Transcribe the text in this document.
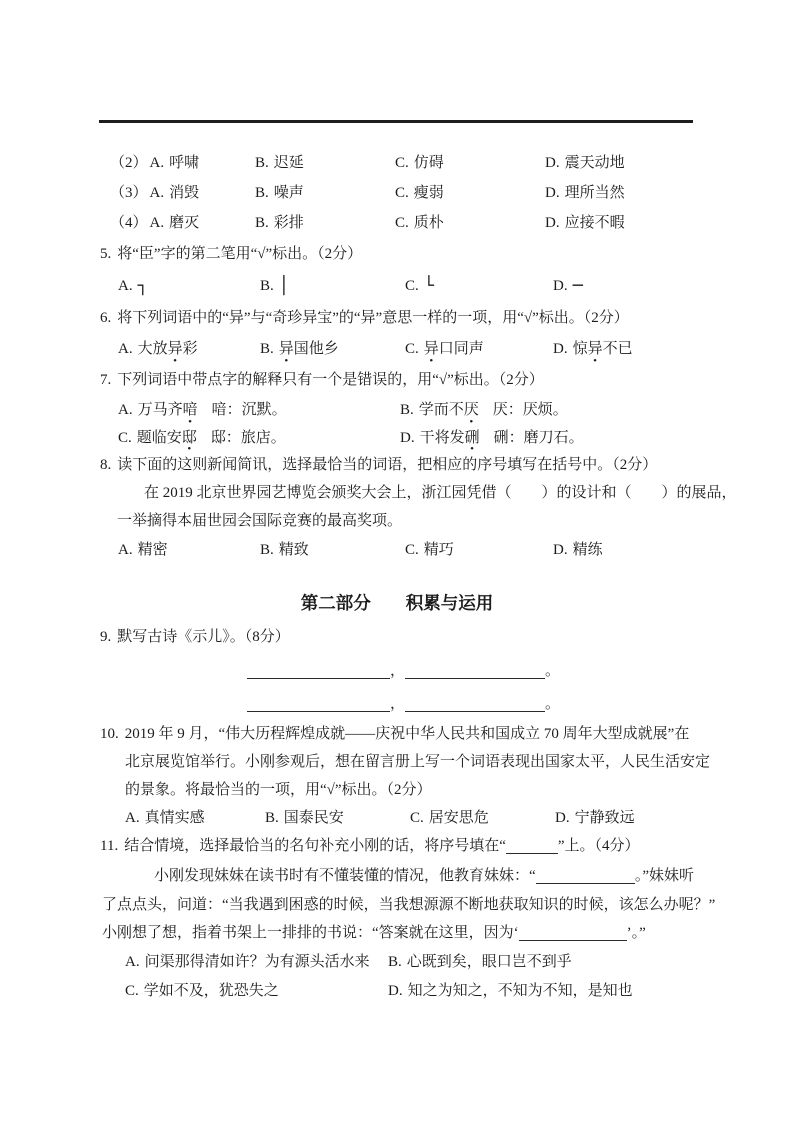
（2） A. 呼啸	B. 迟延	C. 仿碍	D. 震天动地
（3） A. 消毁	B. 噪声	C. 瘦弱	D. 理所当然
（4） A. 磨灭	B. 彩排	C. 质朴	D. 应接不暇
5. 将“臣”字的第二笔用“√”标出。（2分）
A. ┐	B. │	C. └	D. ─
6. 将下列词语中的“异”与“奇珍异宝”的“异”意思一样的一项，用“√”标出。（2分）
A. 大放 异 • 彩	B. 异 • 国他乡	C. 异 • 口同声	D. 惊 异 • 不已
7. 下列词语中带点字的解释只有一个是错误的，用“√”标出。（2分）
A. 万马齐 喑 • 喑：沉默。	B. 学而不 厌 • 厌：厌烦。
C. 题临安 邸 • 邸：旅店。	D. 干将发 硎 • 硎：磨刀石。
8. 读下面的这则新闻简讯，选择最恰当的词语，把相应的序号填写在括号中。（2分）
在 2019 北京世界园艺博览会颁奖大会上，浙江园凭借（　　）的设计和（　　）的展品，
一举摘得本届世园会国际竞赛的最高奖项。
A. 精密	B. 精致	C. 精巧	D. 精练
第二部分　　积累与运用
9. 默写古诗《示儿》。（8分）
，	。
，	。
10. 2019 年 9 月，“伟大历程辉煌成就——庆祝中华人民共和国成立 70 周年大型成就展”在
北京展览馆举行。小刚参观后，想在留言册上写一个词语表现出国家太平，人民生活安定
的景象。将最恰当的一项，用“√”标出。（2分）
A. 真情实感	B. 国泰民安	C. 居安思危	D. 宁静致远
11. 结合情境，选择最恰当的名句补充小刚的话，将序号填在“	”上。（4分）
小刚发现妹妹在读书时有不懂装懂的情况，他教育妹妹：“	。”妹妹听
了点点头，问道：“当我遇到困惑的时候，当我想源源不断地获取知识的时候，该怎么办呢？”
小刚想了想，指着书架上一排排的书说：“答案就在这里，因为‘	’。”
A. 问渠那得清如许？为有源头活水来 B. 心既到矣，眼口岂不到乎
C. 学如不及，犹恐失之	D. 知之为知之，不知为不知，是知也
